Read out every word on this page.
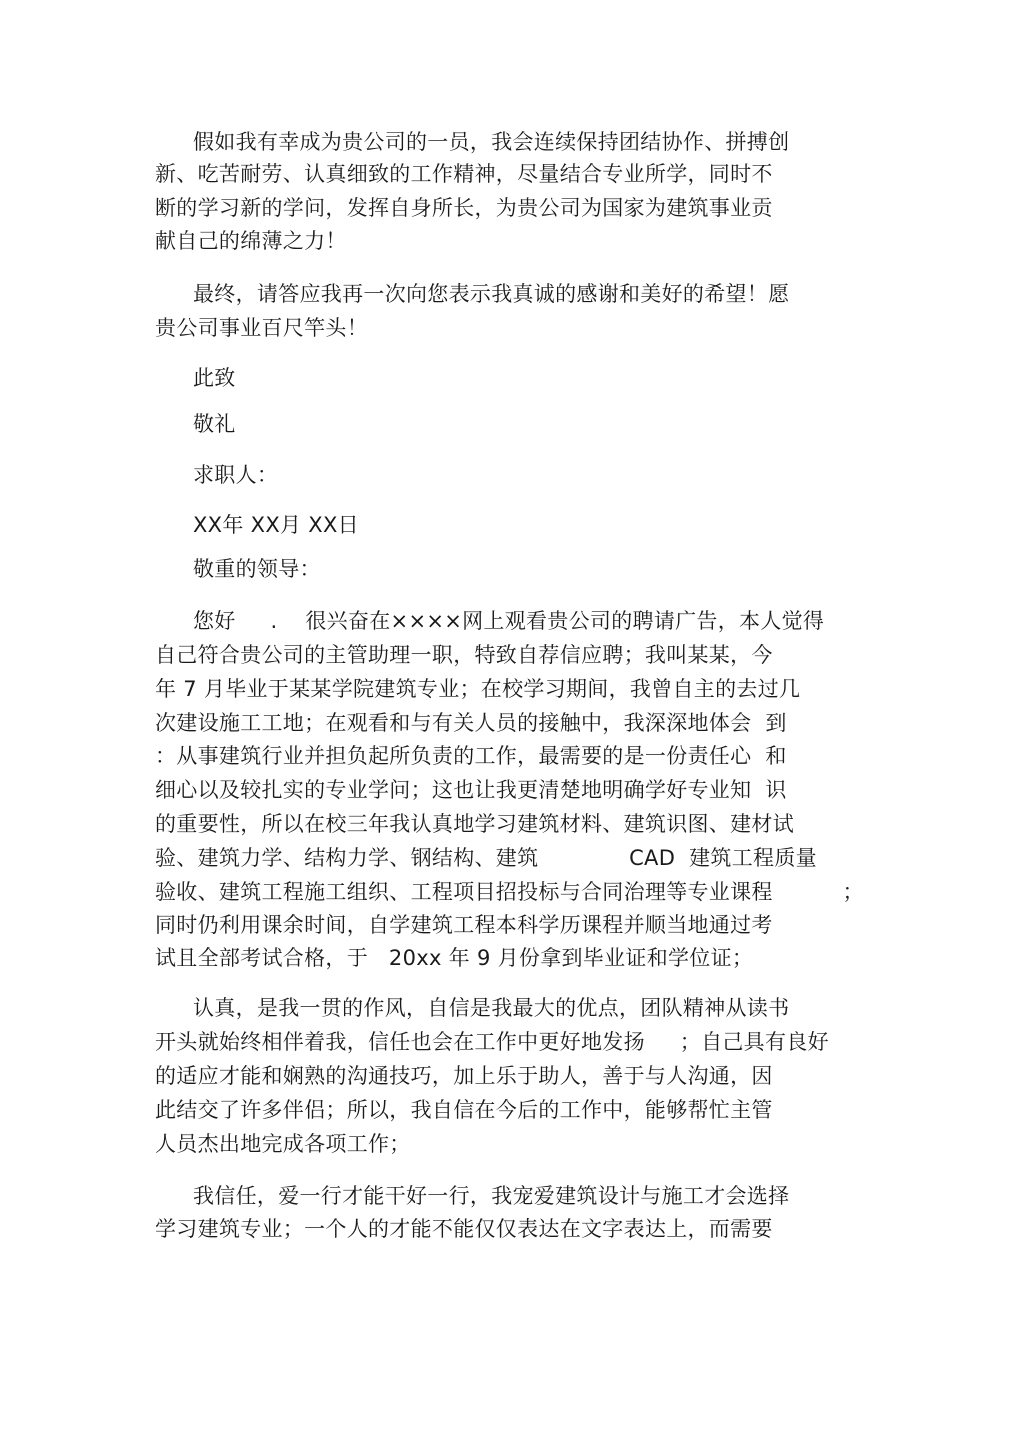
假如我有幸成为贵公司的一员，我会连续保持团结协作、拼搏创
新、吃苦耐劳、认真细致的工作精神，尽量结合专业所学，同时不
断的学习新的学问，发挥自身所长，为贵公司为国家为建筑事业贡
献自己的绵薄之力！
最终，请答应我再一次向您表示我真诚的感谢和美好的希望！愿
贵公司事业百尺竿头！
此致
敬礼
求职人：
XX年 XX月 XX日
敬重的领导：
您好     .    很兴奋在××××网上观看贵公司的聘请广告，本人觉得
自己符合贵公司的主管助理一职，特致自荐信应聘；我叫某某，今
年 7 月毕业于某某学院建筑专业；在校学习期间，我曾自主的去过几
次建设施工工地；在观看和与有关人员的接触中，我深深地体会  到
：从事建筑行业并担负起所负责的工作，最需要的是一份责任心  和
细心以及较扎实的专业学问；这也让我更清楚地明确学好专业知  识
的重要性，所以在校三年我认真地学习建筑材料、建筑识图、建材试
验、建筑力学、结构力学、钢结构、建筑             CAD  建筑工程质量
验收、建筑工程施工组织、工程项目招投标与合同治理等专业课程          ；
同时仍利用课余时间，自学建筑工程本科学历课程并顺当地通过考
试且全部考试合格，于   20xx 年 9 月份拿到毕业证和学位证；
认真，是我一贯的作风，自信是我最大的优点，团队精神从读书
开头就始终相伴着我，信任也会在工作中更好地发扬     ；自己具有良好
的适应才能和娴熟的沟通技巧，加上乐于助人，善于与人沟通，因
此结交了许多伴侣；所以，我自信在今后的工作中，能够帮忙主管
人员杰出地完成各项工作；
我信任，爱一行才能干好一行，我宠爱建筑设计与施工才会选择
学习建筑专业；一个人的才能不能仅仅表达在文字表达上，而需要
